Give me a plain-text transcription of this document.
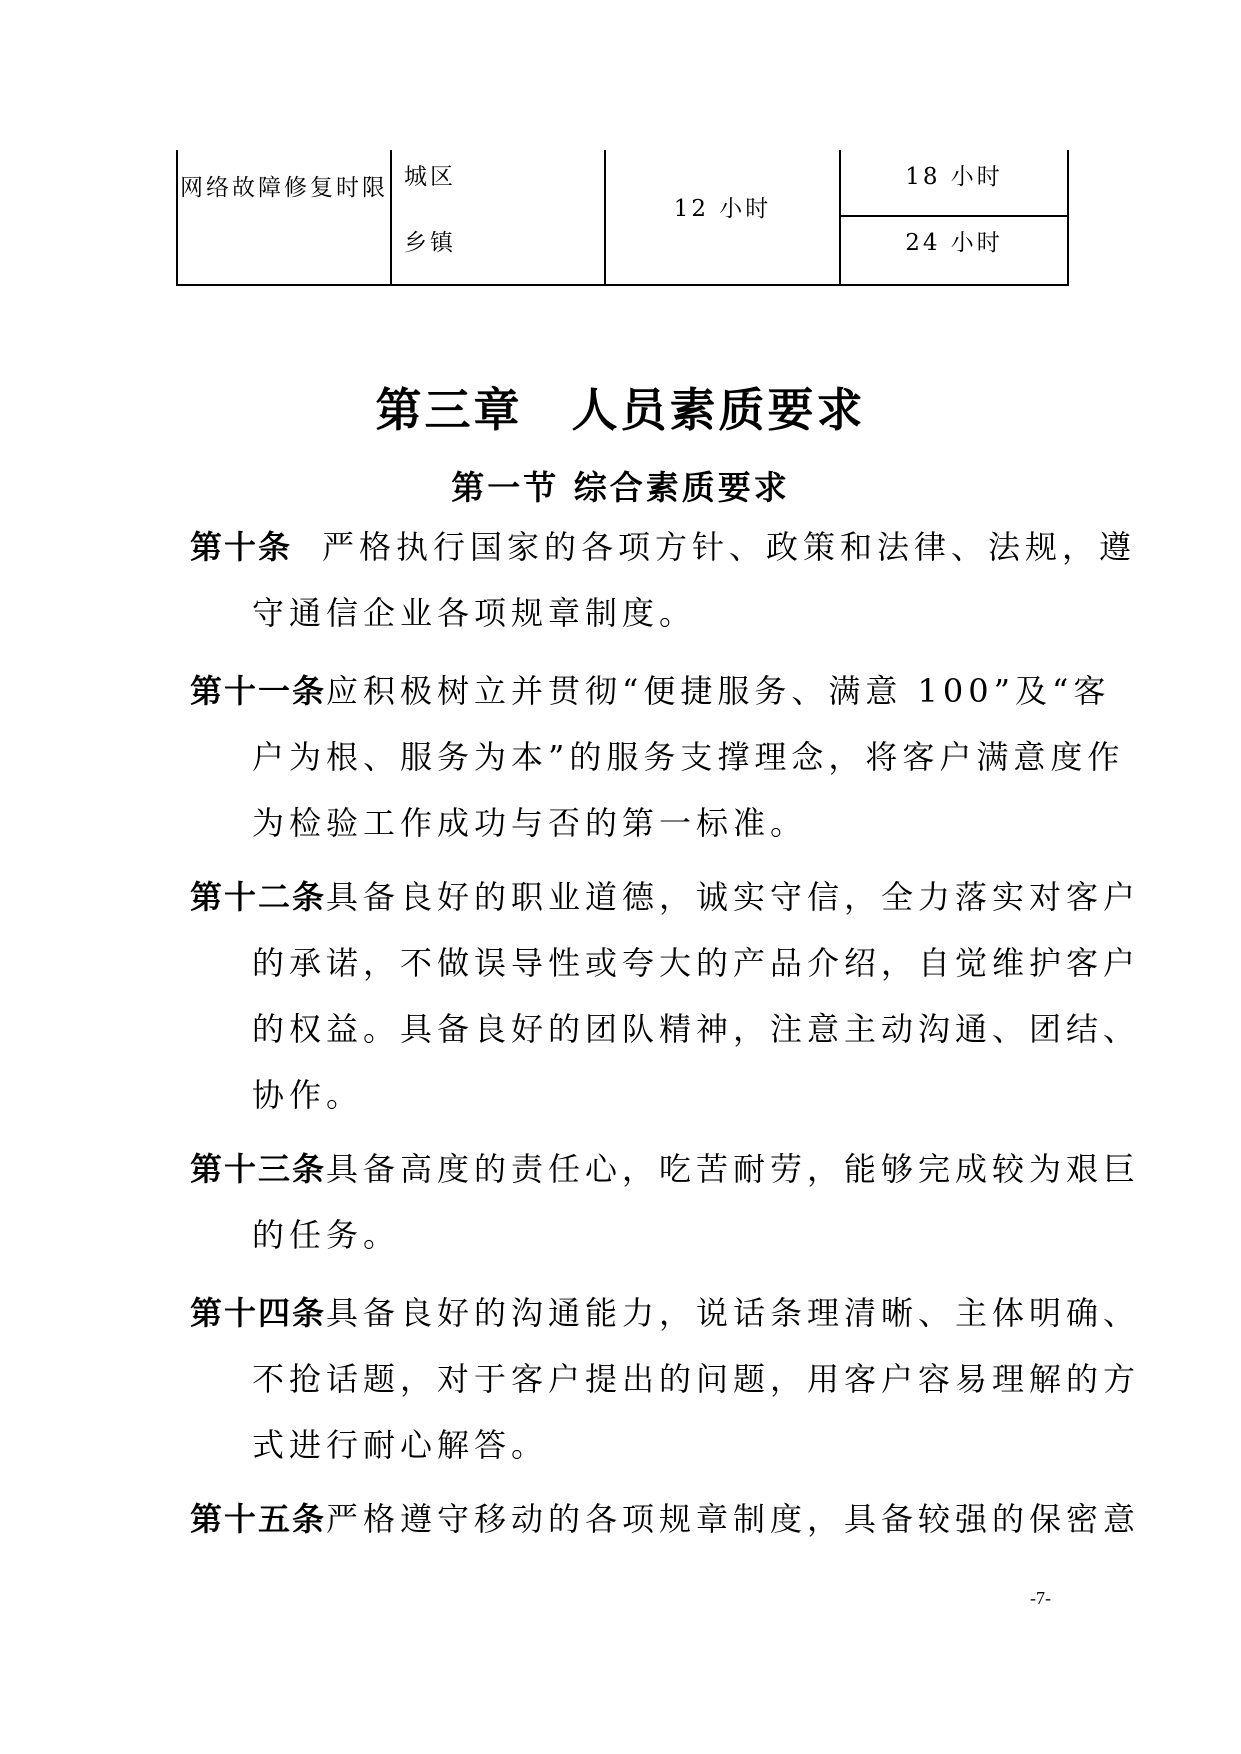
网络故障修复时限 城区
乡镇
12 小时
18 小时
24 小时
第三章　人员素质要求
第一节 综合素质要求
第十条 严格执行国家的各项方针、政策和法律、法规，遵
守通信企业各项规章制度。
第十一条应积极树立并贯彻“便捷服务、满意 100”及“客
户为根、服务为本”的服务支撑理念，将客户满意度作
为检验工作成功与否的第一标准。
第十二条具备良好的职业道德，诚实守信，全力落实对客户
的承诺，不做误导性或夸大的产品介绍，自觉维护客户
的权益。具备良好的团队精神，注意主动沟通、团结、
协作。
第十三条具备高度的责任心，吃苦耐劳，能够完成较为艰巨
的任务。
第十四条具备良好的沟通能力，说话条理清晰、主体明确、
不抢话题，对于客户提出的问题，用客户容易理解的方
式进行耐心解答。
第十五条严格遵守移动的各项规章制度，具备较强的保密意
-7-
